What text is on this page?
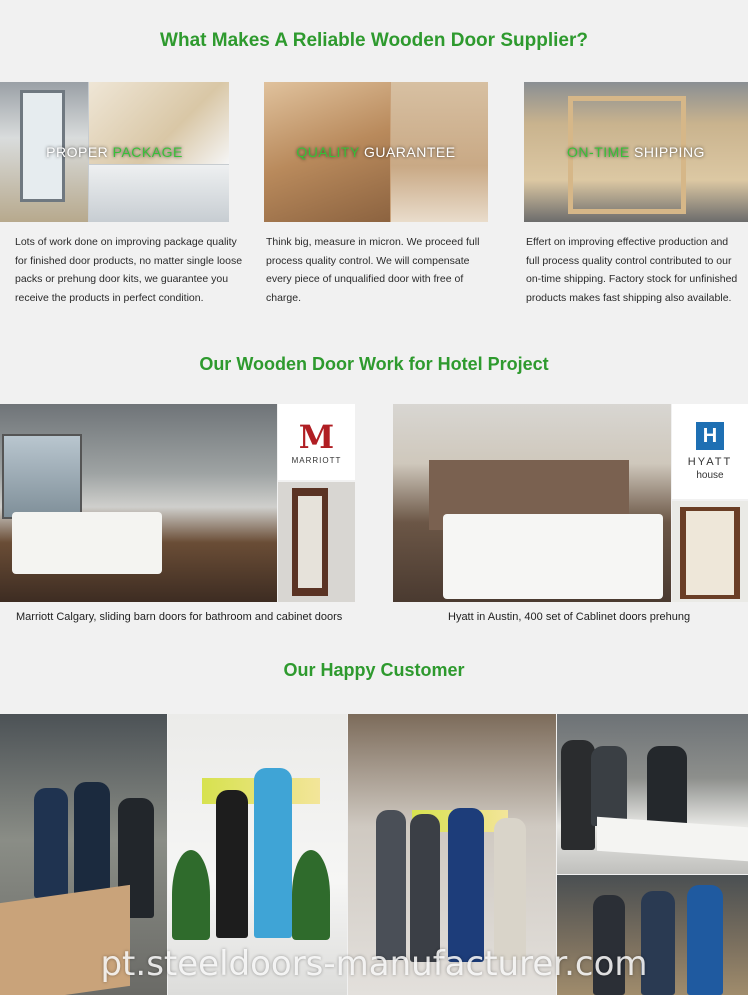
What Makes A Reliable Wooden Door Supplier?
PROPER PACKAGE	QUALITY GUARANTEE	ON-TIME SHIPPING

Lots of work done on improving package quality for finished door products, no matter single loose packs or prehung door kits, we guarantee you receive the products in perfect condition.

Think big, measure in micron. We proceed full process quality control. We will compensate every piece of unqualified door with free of charge.

Effert on improving effective production and full process quality control contributed to our on-time shipping. Factory stock for unfinished products makes fast shipping also available.

Our Wooden Door Work for Hotel Project
M
MARRIOTT
H
HYATT
house
Marriott Calgary, sliding barn doors for bathroom and cabinet doors	Hyatt in Austin, 400 set of Cablinet doors prehung
Our Happy Customer
pt.steeldoors-manufacturer.com
